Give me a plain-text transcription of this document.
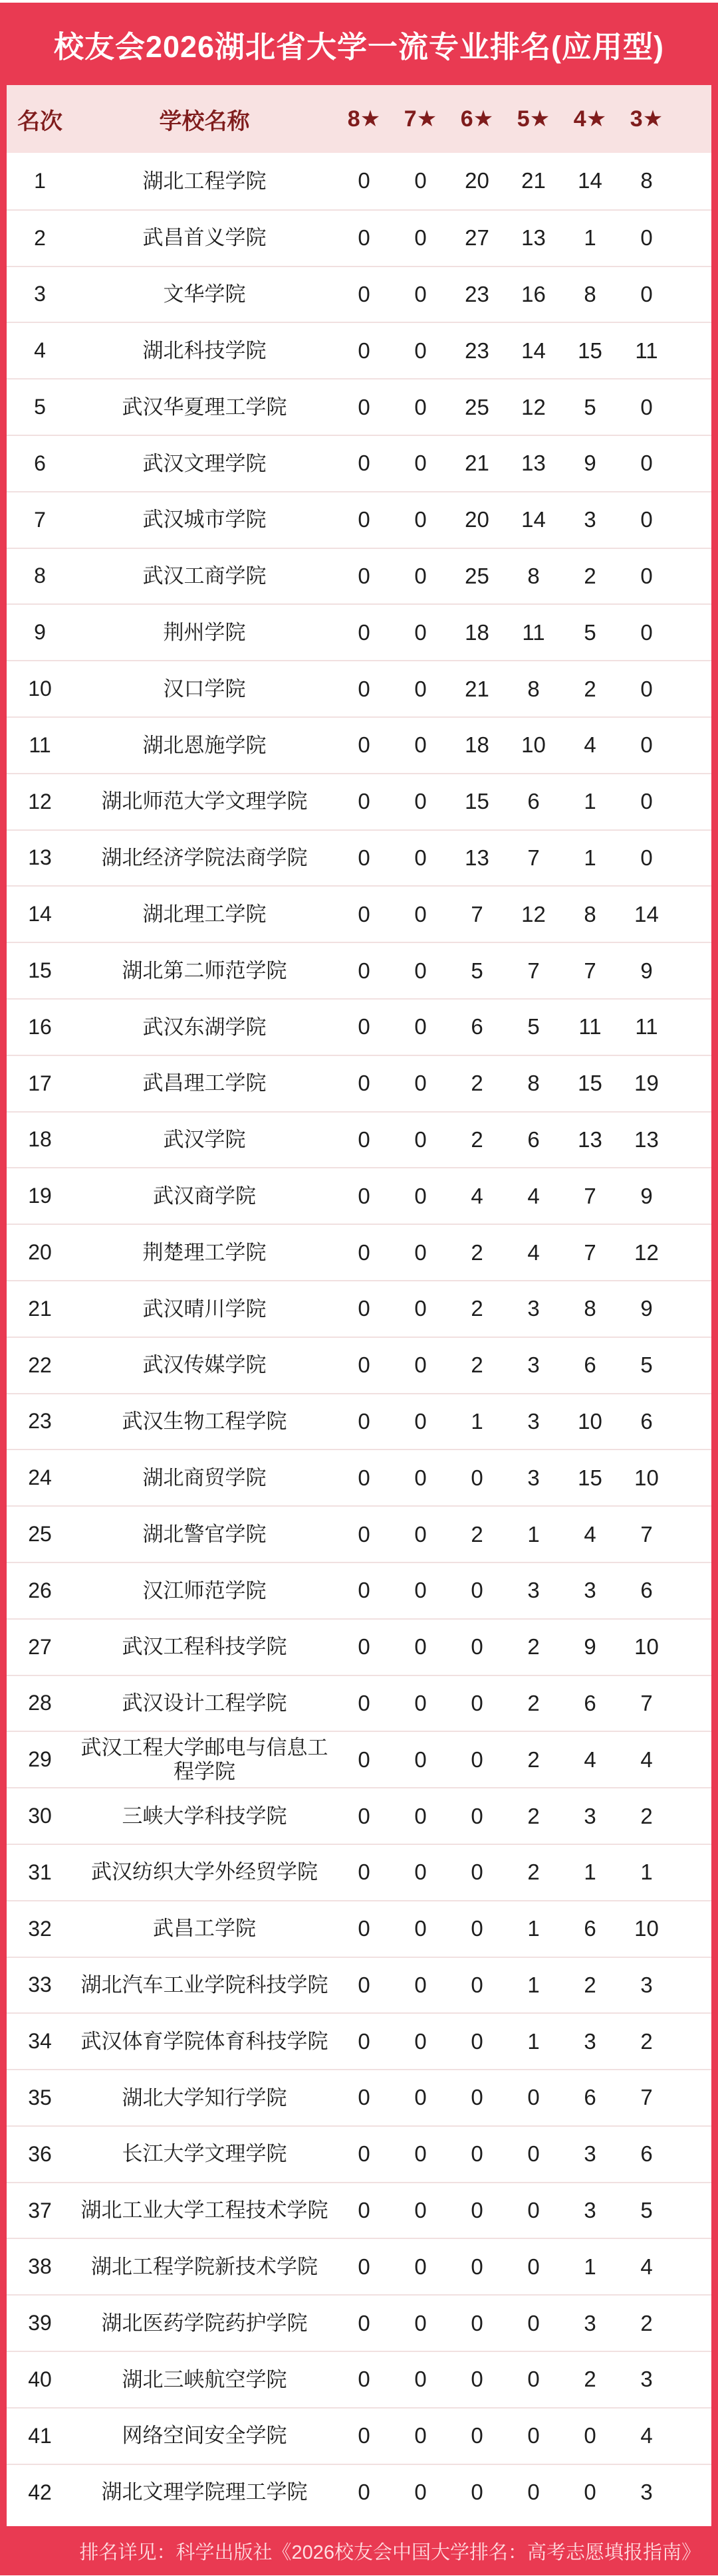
校友会2026湖北省大学一流专业排名(应用型)
名次	学校名称	8★	7★	6★	5★	4★	3★
1	湖北工程学院	0	0	20	21	14	8
2	武昌首义学院	0	0	27	13	1	0
3	文华学院	0	0	23	16	8	0
4	湖北科技学院	0	0	23	14	15	11
5	武汉华夏理工学院	0	0	25	12	5	0
6	武汉文理学院	0	0	21	13	9	0
7	武汉城市学院	0	0	20	14	3	0
8	武汉工商学院	0	0	25	8	2	0
9	荆州学院	0	0	18	11	5	0
10	汉口学院	0	0	21	8	2	0
11	湖北恩施学院	0	0	18	10	4	0
12	湖北师范大学文理学院	0	0	15	6	1	0
13	湖北经济学院法商学院	0	0	13	7	1	0
14	湖北理工学院	0	0	7	12	8	14
15	湖北第二师范学院	0	0	5	7	7	9
16	武汉东湖学院	0	0	6	5	11	11
17	武昌理工学院	0	0	2	8	15	19
18	武汉学院	0	0	2	6	13	13
19	武汉商学院	0	0	4	4	7	9
20	荆楚理工学院	0	0	2	4	7	12
21	武汉晴川学院	0	0	2	3	8	9
22	武汉传媒学院	0	0	2	3	6	5
23	武汉生物工程学院	0	0	1	3	10	6
24	湖北商贸学院	0	0	0	3	15	10
25	湖北警官学院	0	0	2	1	4	7
26	汉江师范学院	0	0	0	3	3	6
27	武汉工程科技学院	0	0	0	2	9	10
28	武汉设计工程学院	0	0	0	2	6	7
29	武汉工程大学邮电与信息工程学院	0	0	0	2	4	4
30	三峡大学科技学院	0	0	0	2	3	2
31	武汉纺织大学外经贸学院	0	0	0	2	1	1
32	武昌工学院	0	0	0	1	6	10
33	湖北汽车工业学院科技学院	0	0	0	1	2	3
34	武汉体育学院体育科技学院	0	0	0	1	3	2
35	湖北大学知行学院	0	0	0	0	6	7
36	长江大学文理学院	0	0	0	0	3	6
37	湖北工业大学工程技术学院	0	0	0	0	3	5
38	湖北工程学院新技术学院	0	0	0	0	1	4
39	湖北医药学院药护学院	0	0	0	0	3	2
40	湖北三峡航空学院	0	0	0	0	2	3
41	网络空间安全学院	0	0	0	0	0	4
42	湖北文理学院理工学院	0	0	0	0	0	3
排名详见：科学出版社《2026校友会中国大学排名：高考志愿填报指南》
